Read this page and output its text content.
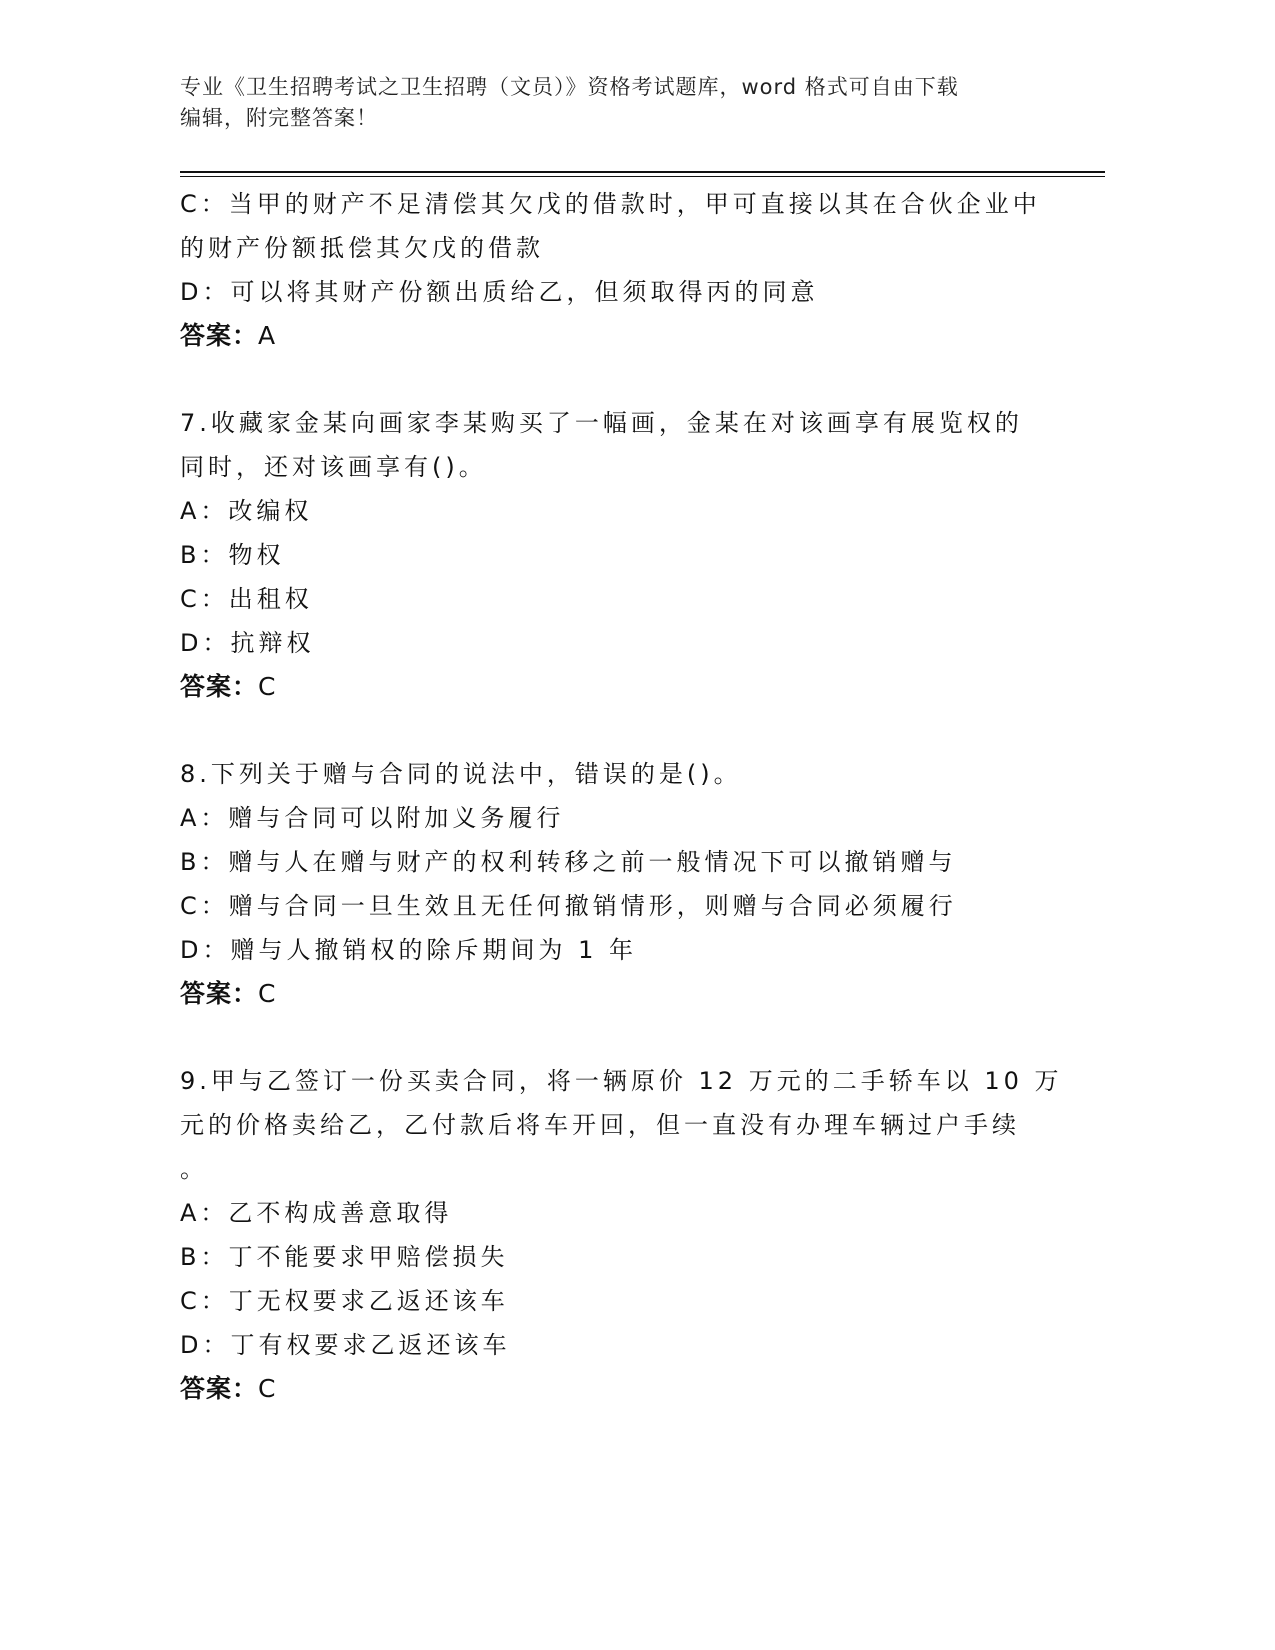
专业《卫生招聘考试之卫生招聘（文员）》资格考试题库，word 格式可自由下载
编辑，附完整答案！
C：当甲的财产不足清偿其欠戊的借款时，甲可直接以其在合伙企业中
的财产份额抵偿其欠戊的借款
D：可以将其财产份额出质给乙，但须取得丙的同意
答案：A
7.收藏家金某向画家李某购买了一幅画，金某在对该画享有展览权的
同时，还对该画享有()。
A：改编权
B：物权
C：出租权
D：抗辩权
答案：C
8.下列关于赠与合同的说法中，错误的是()。
A：赠与合同可以附加义务履行
B：赠与人在赠与财产的权利转移之前一般情况下可以撤销赠与
C：赠与合同一旦生效且无任何撤销情形，则赠与合同必须履行
D：赠与人撤销权的除斥期间为 1 年
答案：C
9.甲与乙签订一份买卖合同，将一辆原价 12 万元的二手轿车以 10 万
元的价格卖给乙，乙付款后将车开回，但一直没有办理车辆过户手续
。
A：乙不构成善意取得
B：丁不能要求甲赔偿损失
C：丁无权要求乙返还该车
D：丁有权要求乙返还该车
答案：C
